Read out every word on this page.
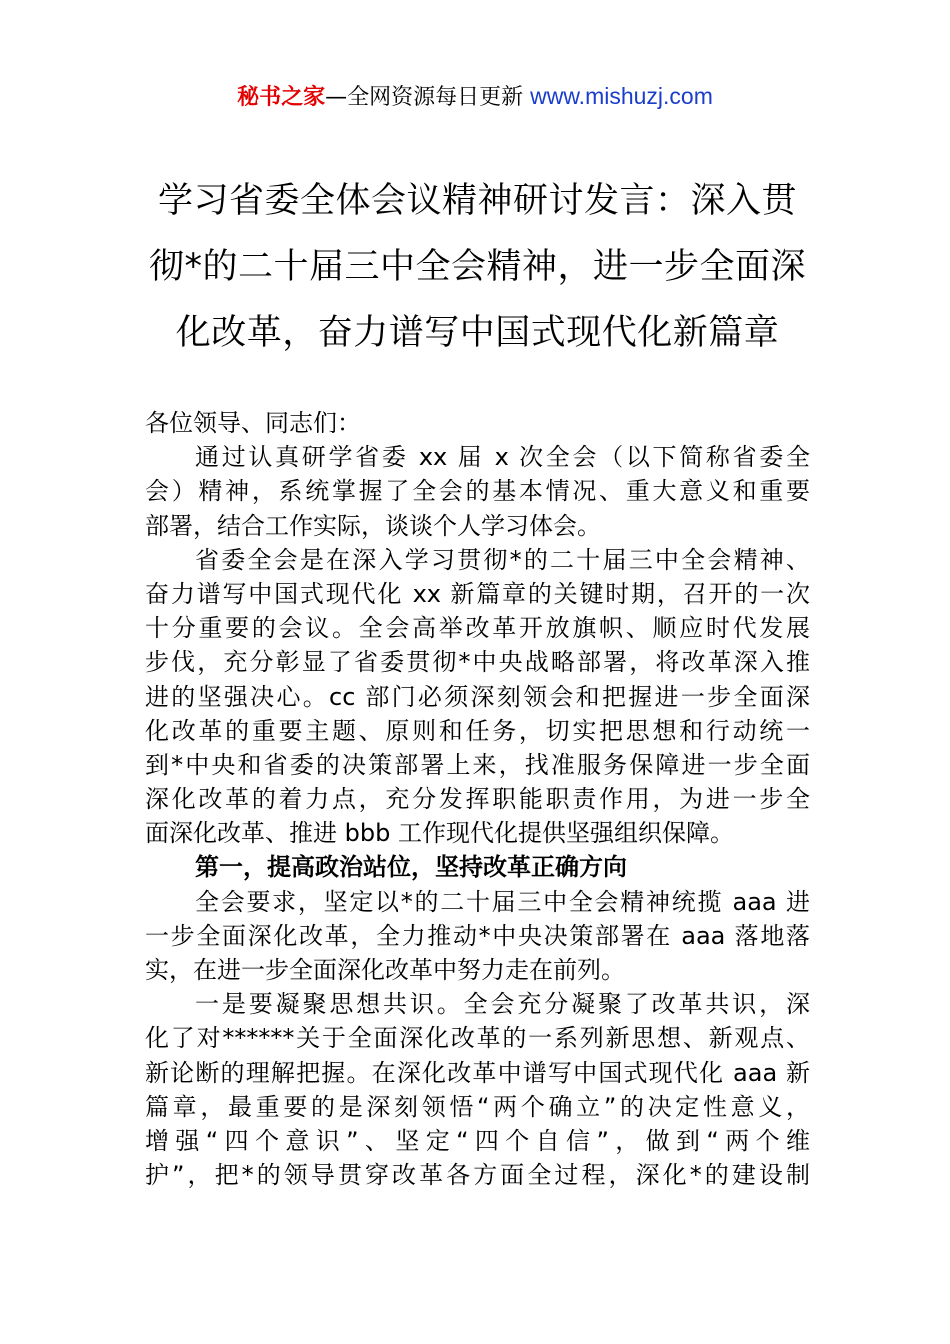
秘书之家—全网资源每日更新 www.mishuzj.com
学习省委全体会议精神研讨发言：深入贯
彻*的二十届三中全会精神，进一步全面深
化改革，奋力谱写中国式现代化新篇章
各位领导、同志们：
通过认真研学省委 xx 届 x 次全会（以下简称省委全
会）精神，系统掌握了全会的基本情况、重大意义和重要
部署，结合工作实际，谈谈个人学习体会。
省委全会是在深入学习贯彻*的二十届三中全会精神、
奋力谱写中国式现代化 xx 新篇章的关键时期，召开的一次
十分重要的会议。全会高举改革开放旗帜、顺应时代发展
步伐，充分彰显了省委贯彻*中央战略部署，将改革深入推
进的坚强决心。cc 部门必须深刻领会和把握进一步全面深
化改革的重要主题、原则和任务，切实把思想和行动统一
到*中央和省委的决策部署上来，找准服务保障进一步全面
深化改革的着力点，充分发挥职能职责作用，为进一步全
面深化改革、推进 bbb 工作现代化提供坚强组织保障。
第一，提高政治站位，坚持改革正确方向
全会要求，坚定以*的二十届三中全会精神统揽 aaa 进
一步全面深化改革，全力推动*中央决策部署在 aaa 落地落
实，在进一步全面深化改革中努力走在前列。
一是要凝聚思想共识。全会充分凝聚了改革共识，深
化了对******关于全面深化改革的一系列新思想、新观点、
新论断的理解把握。在深化改革中谱写中国式现代化 aaa 新
篇章，最重要的是深刻领悟“两个确立”的决定性意义，
增强“四个意识”、坚定“四个自信”，做到“两个维
护”，把*的领导贯穿改革各方面全过程，深化*的建设制
